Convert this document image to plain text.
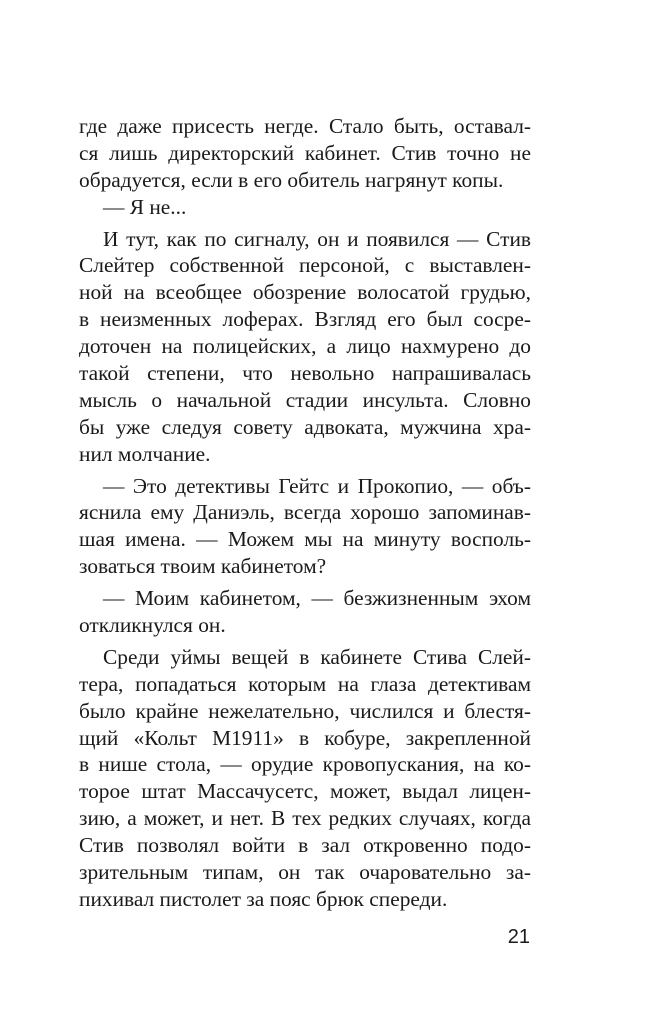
где даже присесть негде. Стало быть, оставал-
ся лишь директорский кабинет. Стив точно не
обрадуется, если в его обитель нагрянут копы.
— Я не...
И тут, как по сигналу, он и появился — Стив
Слейтер собственной персоной, с выставлен-
ной на всеобщее обозрение волосатой грудью,
в неизменных лоферах. Взгляд его был сосре-
доточен на полицейских, а лицо нахмурено до
такой степени, что невольно напрашивалась
мысль о начальной стадии инсульта. Словно
бы уже следуя совету адвоката, мужчина хра-
нил молчание.
— Это детективы Гейтс и Прокопио, — объ-
яснила ему Даниэль, всегда хорошо запоминав-
шая имена. — Можем мы на минуту восполь-
зоваться твоим кабинетом?
— Моим кабинетом, — безжизненным эхом
откликнулся он.
Среди уймы вещей в кабинете Стива Слей-
тера, попадаться которым на глаза детективам
было крайне нежелательно, числился и блестя-
щий «Кольт М1911» в кобуре, закрепленной
в нише стола, — орудие кровопускания, на ко-
торое штат Массачусетс, может, выдал лицен-
зию, а может, и нет. В тех редких случаях, когда
Стив позволял войти в зал откровенно подо-
зрительным типам, он так очаровательно за-
пихивал пистолет за пояс брюк спереди.
21
